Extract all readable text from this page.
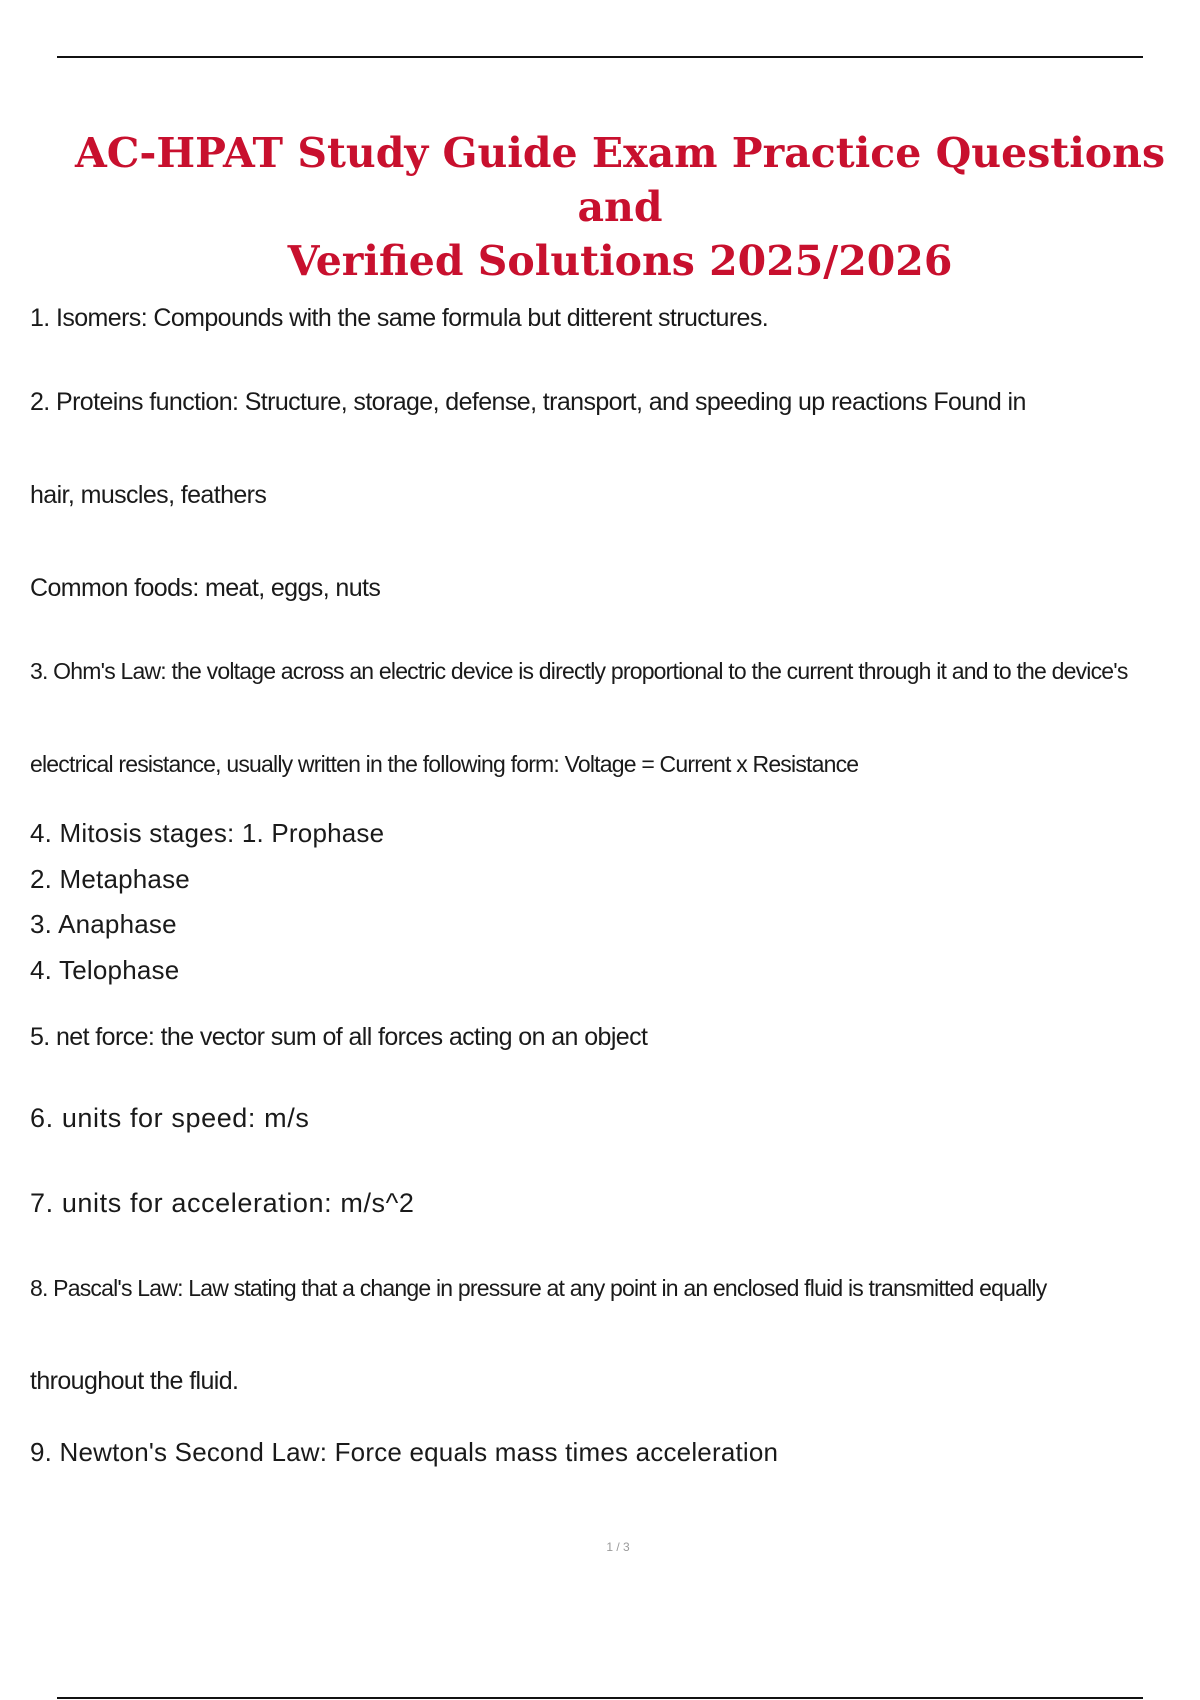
AC-HPAT Study Guide Exam Practice Questions and
Verified Solutions 2025/2026

1. Isomers: Compounds with the same formula but ditterent structures.

2. Proteins function: Structure, storage, defense, transport, and speeding up reactions Found in

hair, muscles, feathers

Common foods: meat, eggs, nuts

3. Ohm's Law: the voltage across an electric device is directly proportional to the current through it and to the device's

electrical resistance, usually written in the following form: Voltage = Current x Resistance

4. Mitosis stages: 1. Prophase

2. Metaphase

3. Anaphase

4. Telophase

5. net force: the vector sum of all forces acting on an object

6. units for speed: m/s

7. units for acceleration: m/s^2

8. Pascal's Law: Law stating that a change in pressure at any point in an enclosed fluid is transmitted equally

throughout the fluid.

9. Newton's Second Law: Force equals mass times acceleration

1 / 3
